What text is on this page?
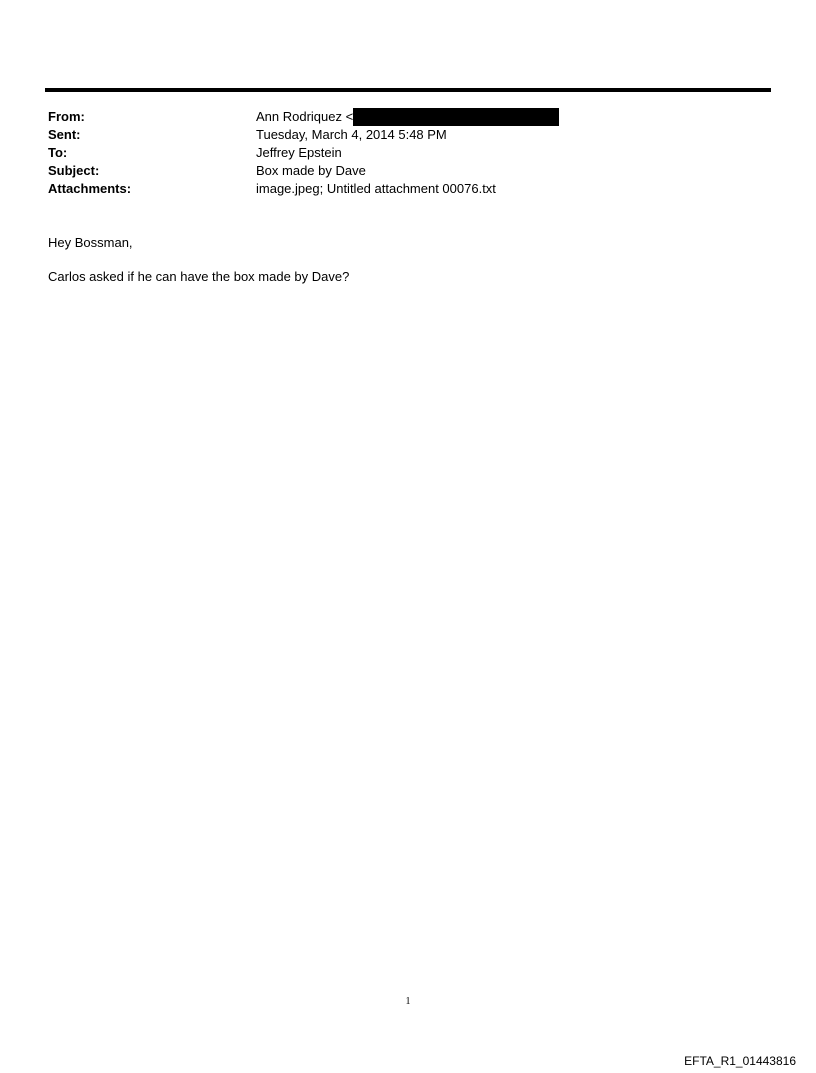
From:	Ann Rodriquez <
Sent:	Tuesday, March 4, 2014 5:48 PM
To:	Jeffrey Epstein
Subject:	Box made by Dave
Attachments:	image.jpeg; Untitled attachment 00076.txt

Hey Bossman,

Carlos asked if he can have the box made by Dave?

1
EFTA_R1_01443816
